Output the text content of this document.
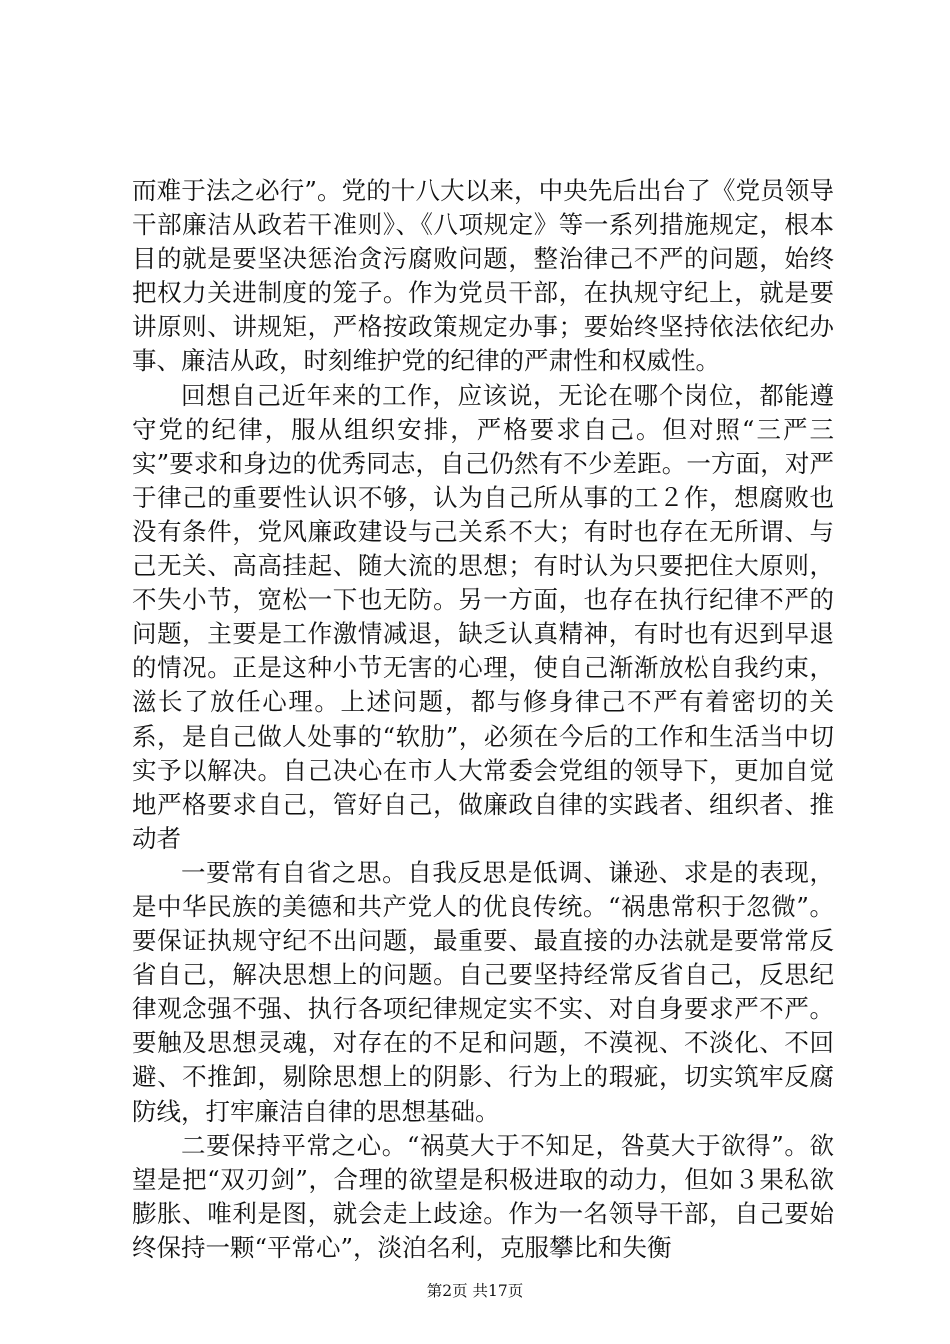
而难于法之必行”。党的十八大以来，中央先后出台了《党员领导干部廉洁从政若干准则》、《八项规定》等一系列措施规定，根本目的就是要坚决惩治贪污腐败问题，整治律己不严的问题，始终把权力关进制度的笼子。作为党员干部，在执规守纪上，就是要讲原则、讲规矩，严格按政策规定办事；要始终坚持依法依纪办事、廉洁从政，时刻维护党的纪律的严肃性和权威性。

回想自己近年来的工作，应该说，无论在哪个岗位，都能遵守党的纪律，服从组织安排，严格要求自己。但对照“三严三实”要求和身边的优秀同志，自己仍然有不少差距。一方面，对严于律己的重要性认识不够，认为自己所从事的工２作，想腐败也没有条件，党风廉政建设与己关系不大；有时也存在无所谓、与己无关、高高挂起、随大流的思想；有时认为只要把住大原则，不失小节，宽松一下也无防。另一方面，也存在执行纪律不严的问题，主要是工作激情减退，缺乏认真精神，有时也有迟到早退的情况。正是这种小节无害的心理，使自己渐渐放松自我约束，滋长了放任心理。上述问题，都与修身律己不严有着密切的关系，是自己做人处事的“软肋”，必须在今后的工作和生活当中切实予以解决。自己决心在市人大常委会党组的领导下，更加自觉地严格要求自己，管好自己，做廉政自律的实践者、组织者、推动者

一要常有自省之思。自我反思是低调、谦逊、求是的表现，是中华民族的美德和共产党人的优良传统。“祸患常积于忽微”。要保证执规守纪不出问题，最重要、最直接的办法就是要常常反省自己，解决思想上的问题。自己要坚持经常反省自己，反思纪律观念强不强、执行各项纪律规定实不实、对自身要求严不严。要触及思想灵魂，对存在的不足和问题，不漠视、不淡化、不回避、不推卸，剔除思想上的阴影、行为上的瑕疵，切实筑牢反腐防线，打牢廉洁自律的思想基础。

二要保持平常之心。“祸莫大于不知足，咎莫大于欲得”。欲望是把“双刃剑”，合理的欲望是积极进取的动力，但如３果私欲膨胀、唯利是图，就会走上歧途。作为一名领导干部，自己要始终保持一颗“平常心”，淡泊名利，克服攀比和失衡

第2页 共17页
